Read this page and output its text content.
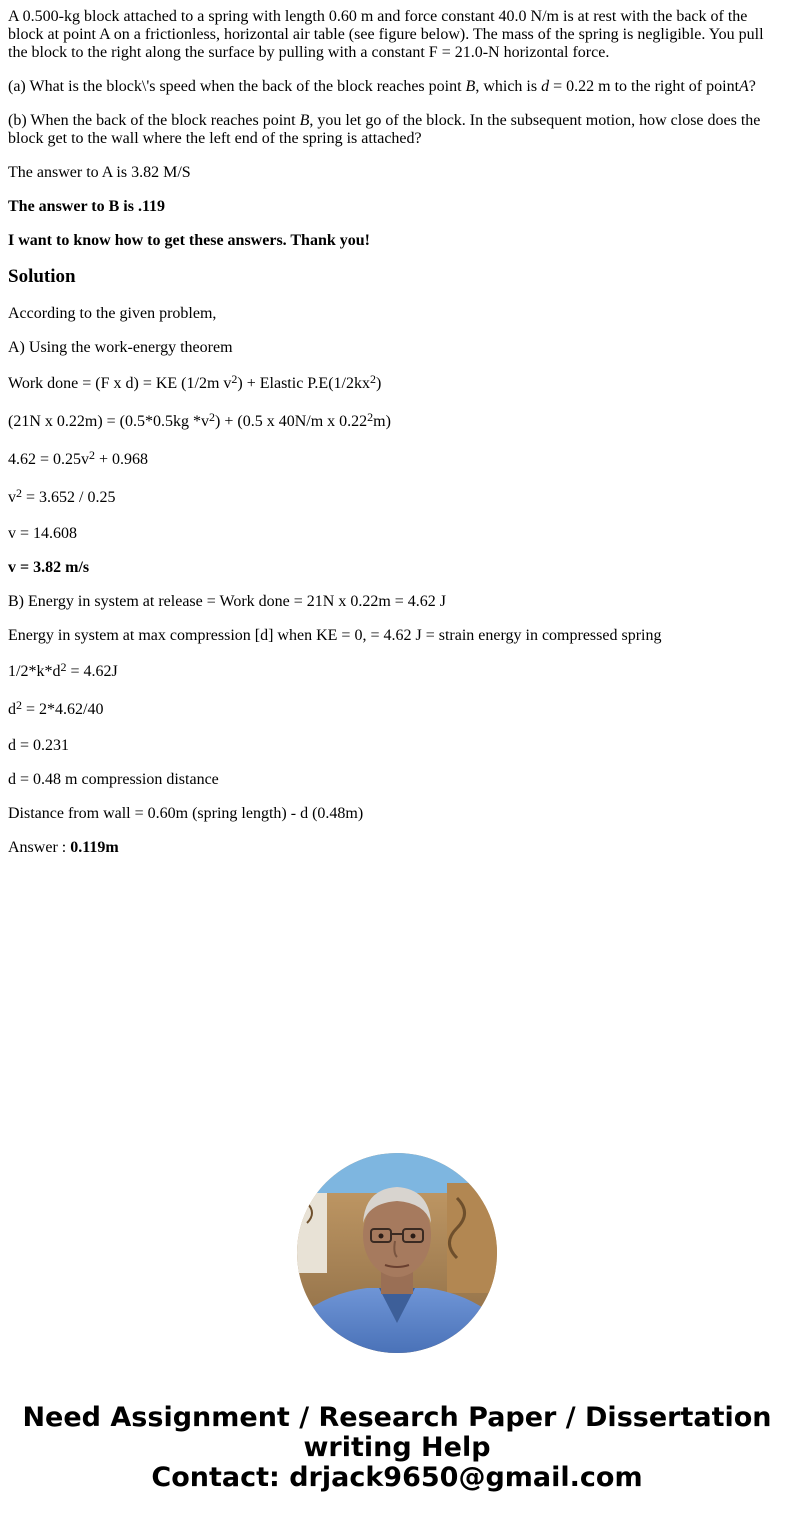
A 0.500-kg block attached to a spring with length 0.60 m and force constant 40.0 N/m is at rest with the back of the block at point A on a frictionless, horizontal air table (see figure below). The mass of the spring is negligible. You pull the block to the right along the surface by pulling with a constant F = 21.0-N horizontal force.

(a) What is the block\'s speed when the back of the block reaches point B, which is d = 0.22 m to the right of pointA?

(b) When the back of the block reaches point B, you let go of the block. In the subsequent motion, how close does the block get to the wall where the left end of the spring is attached?

The answer to A is 3.82 M/S

The answer to B is .119

I want to know how to get these answers. Thank you!

Solution

According to the given problem,

A) Using the work-energy theorem

Work done = (F x d) = KE (1/2m $v^2$) + Elastic $P.E(1/2kx^2)$

(21N x 0.22m) = (0.5*0.5kg $*v^2) + (0.5$ x 40N/m x 0.22$^2$m)

$4.62 = 0.25v^2 + 0.968$

$v^2 = 3.652 / 0.25$

v = 14.608

v = 3.82 m/s

B) Energy in system at release = Work done = 21N x 0.22m = 4.62 J

Energy in system at max compression [d] when KE = 0, = 4.62 J = strain energy in compressed spring

$1/2*k*d^2 = 4.62J$

$d^2 = 2*4.62/40$

d = 0.231

d = 0.48 m compression distance

Distance from wall = 0.60m (spring length) - d (0.48m)

Answer : 0.119m

Need Assignment / Research Paper / Dissertation
writing Help
Contact: drjack9650@gmail.com
